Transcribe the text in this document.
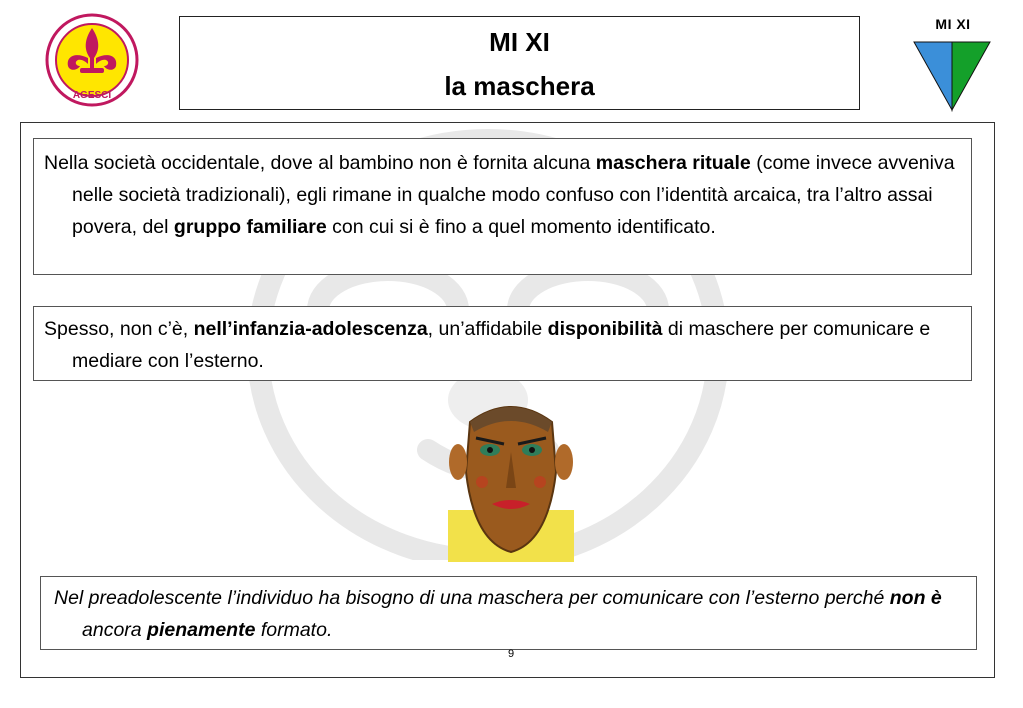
AGESCI
MI XI
la maschera
MI XI

Nella società occidentale, dove al bambino non è fornita alcuna maschera rituale (come invece avveniva nelle società tradizionali), egli rimane in qualche modo confuso con l’identità arcaica, tra l’altro assai povera, del gruppo familiare con cui si è fino a quel momento identificato.

Spesso, non c’è, nell’infanzia-adolescenza, un’affidabile disponibilità di maschere per comunicare e mediare con l’esterno.

Nel preadolescente l’individuo ha bisogno di una maschera per comunicare con l’esterno perché non è ancora pienamente formato.

9
